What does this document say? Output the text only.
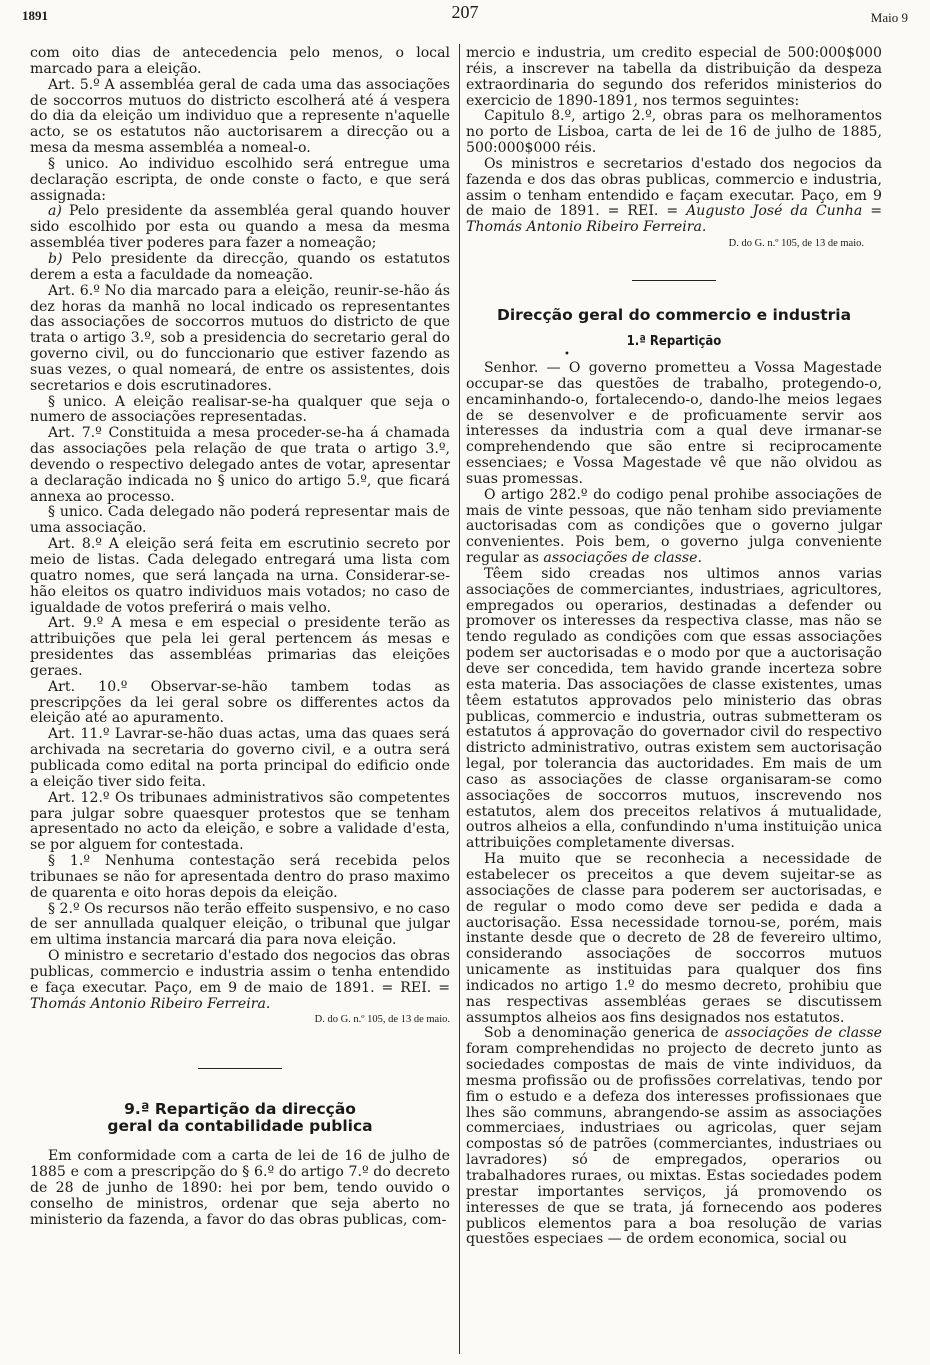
1891	207	Maio 9

com oito dias de antecedencia pelo menos, o local marcado para a eleição.

Art. 5.º A assembléa geral de cada uma das associações de soccorros mutuos do districto escolherá até á vespera do dia da eleição um individuo que a represente n'aquelle acto, se os estatutos não auctorisarem a direcção ou a mesa da mesma assembléa a nomeal-o.

§ unico. Ao individuo escolhido será entregue uma declaração escripta, de onde conste o facto, e que será assignada:

a) Pelo presidente da assembléa geral quando houver sido escolhido por esta ou quando a mesa da mesma assembléa tiver poderes para fazer a nomeação;

b) Pelo presidente da direcção, quando os estatutos derem a esta a faculdade da nomeação.

Art. 6.º No dia marcado para a eleição, reunir-se-hão ás dez horas da manhã no local indicado os representantes das associações de soccorros mutuos do districto de que trata o artigo 3.º, sob a presidencia do secretario geral do governo civil, ou do funccionario que estiver fazendo as suas vezes, o qual nomeará, de entre os assistentes, dois secretarios e dois escrutinadores.

§ unico. A eleição realisar-se-ha qualquer que seja o numero de associações representadas.

Art. 7.º Constituida a mesa proceder-se-ha á chamada das associações pela relação de que trata o artigo 3.º, devendo o respectivo delegado antes de votar, apresentar a declaração indicada no § unico do artigo 5.º, que ficará annexa ao processo.

§ unico. Cada delegado não poderá representar mais de uma associação.

Art. 8.º A eleição será feita em escrutinio secreto por meio de listas. Cada delegado entregará uma lista com quatro nomes, que será lançada na urna. Considerar-se-hão eleitos os quatro individuos mais votados; no caso de igualdade de votos preferirá o mais velho.

Art. 9.º A mesa e em especial o presidente terão as attribuições que pela lei geral pertencem ás mesas e presidentes das assembléas primarias das eleições geraes.

Art. 10.º Observar-se-hão tambem todas as prescripções da lei geral sobre os differentes actos da eleição até ao apuramento.

Art. 11.º Lavrar-se-hão duas actas, uma das quaes será archivada na secretaria do governo civil, e a outra será publicada como edital na porta principal do edificio onde a eleição tiver sido feita.

Art. 12.º Os tribunaes administrativos são competentes para julgar sobre quaesquer protestos que se tenham apresentado no acto da eleição, e sobre a validade d'esta, se por alguem for contestada.

§ 1.º Nenhuma contestação será recebida pelos tribunaes se não for apresentada dentro do praso maximo de quarenta e oito horas depois da eleição.

§ 2.º Os recursos não terão effeito suspensivo, e no caso de ser annullada qualquer eleição, o tribunal que julgar em ultima instancia marcará dia para nova eleição.

O ministro e secretario d'estado dos negocios das obras publicas, commercio e industria assim o tenha entendido e faça executar. Paço, em 9 de maio de 1891. = REI. = Thomás Antonio Ribeiro Ferreira.

D. do G. n.º 105, de 13 de maio.

9.ª Repartição da direcção geral da contabilidade publica

Em conformidade com a carta de lei de 16 de julho de 1885 e com a prescripção do § 6.º do artigo 7.º do decreto de 28 de junho de 1890: hei por bem, tendo ouvido o conselho de ministros, ordenar que seja aberto no ministerio da fazenda, a favor do das obras publicas, com-

mercio e industria, um credito especial de 500:000$000 réis, a inscrever na tabella da distribuição da despeza extraordinaria do segundo dos referidos ministerios do exercicio de 1890-1891, nos termos seguintes:

Capitulo 8.º, artigo 2.º, obras para os melhoramentos no porto de Lisboa, carta de lei de 16 de julho de 1885, 500:000$000 réis.

Os ministros e secretarios d'estado dos negocios da fazenda e dos das obras publicas, commercio e industria, assim o tenham entendido e façam executar. Paço, em 9 de maio de 1891. = REI. = Augusto José da Cunha = Thomás Antonio Ribeiro Ferreira.

D. do G. n.º 105, de 13 de maio.

Direcção geral do commercio e industria

1.ª Repartição

•

Senhor. — O governo prometteu a Vossa Magestade occupar-se das questões de trabalho, protegendo-o, encaminhando-o, fortalecendo-o, dando-lhe meios legaes de se desenvolver e de proficuamente servir aos interesses da industria com a qual deve irmanar-se comprehendendo que são entre si reciprocamente essenciaes; e Vossa Magestade vê que não olvidou as suas promessas.

O artigo 282.º do codigo penal prohibe associações de mais de vinte pessoas, que não tenham sido previamente auctorisadas com as condições que o governo julgar convenientes. Pois bem, o governo julga conveniente regular as associações de classe.

Têem sido creadas nos ultimos annos varias associações de commerciantes, industriaes, agricultores, empregados ou operarios, destinadas a defender ou promover os interesses da respectiva classe, mas não se tendo regulado as condições com que essas associações podem ser auctorisadas e o modo por que a auctorisação deve ser concedida, tem havido grande incerteza sobre esta materia. Das associações de classe existentes, umas têem estatutos approvados pelo ministerio das obras publicas, commercio e industria, outras submetteram os estatutos á approvação do governador civil do respectivo districto administrativo, outras existem sem auctorisação legal, por tolerancia das auctoridades. Em mais de um caso as associações de classe organisaram-se como associações de soccorros mutuos, inscrevendo nos estatutos, alem dos preceitos relativos á mutualidade, outros alheios a ella, confundindo n'uma instituição unica attribuições completamente diversas.

Ha muito que se reconhecia a necessidade de estabelecer os preceitos a que devem sujeitar-se as associações de classe para poderem ser auctorisadas, e de regular o modo como deve ser pedida e dada a auctorisação. Essa necessidade tornou-se, porém, mais instante desde que o decreto de 28 de fevereiro ultimo, considerando associações de soccorros mutuos unicamente as instituidas para qualquer dos fins indicados no artigo 1.º do mesmo decreto, prohibiu que nas respectivas assembléas geraes se discutissem assumptos alheios aos fins designados nos estatutos.

Sob a denominação generica de associações de classe foram comprehendidas no projecto de decreto junto as sociedades compostas de mais de vinte individuos, da mesma profissão ou de profissões correlativas, tendo por fim o estudo e a defeza dos interesses profissionaes que lhes são communs, abrangendo-se assim as associações commerciaes, industriaes ou agricolas, quer sejam compostas só de patrões (commerciantes, industriaes ou lavradores) só de empregados, operarios ou trabalhadores ruraes, ou mixtas. Estas sociedades podem prestar importantes serviços, já promovendo os interesses de que se trata, já fornecendo aos poderes publicos elementos para a boa resolução de varias questões especiaes — de ordem economica, social ou
